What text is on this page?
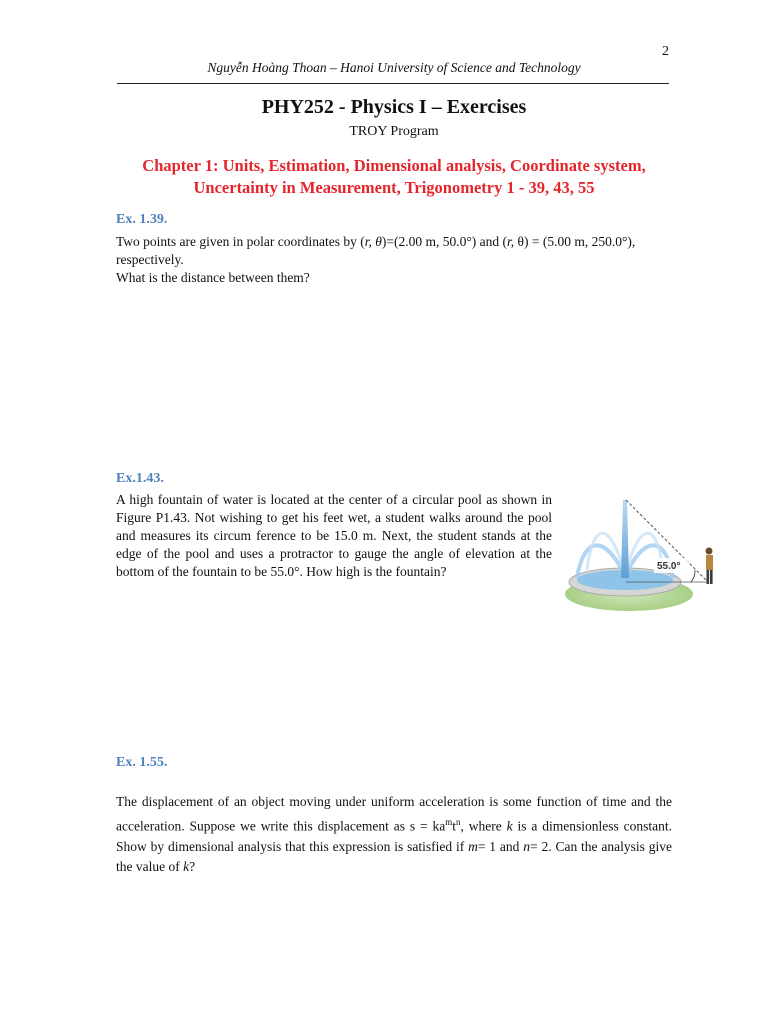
2
Nguyễn Hoàng Thoan – Hanoi University of Science and Technology
PHY252 - Physics I – Exercises
TROY Program
Chapter 1: Units, Estimation, Dimensional analysis, Coordinate system,
Uncertainty in Measurement, Trigonometry 1 - 39, 43, 55
Ex. 1.39.
Two points are given in polar coordinates by (r, θ)=(2.00 m, 50.0°) and (r, θ) = (5.00 m, 250.0°), respectively.
What is the distance between them?
Ex.1.43.
A high fountain of water is located at the center of a circular pool as shown in Figure P1.43. Not wishing to get his feet wet, a student walks around the pool and measures its circum ference to be 15.0 m. Next, the student stands at the edge of the pool and uses a protractor to gauge the angle of elevation at the bottom of the fountain to be 55.0°. How high is the fountain?	55.0°
Ex. 1.55.
The displacement of an object moving under uniform acceleration is some function of time and the acceleration. Suppose we write this displacement as $s = ka^mt^n$, where k is a dimensionless constant. Show by dimensional analysis that this expression is satisfied if m= 1 and n= 2. Can the analysis give the value of k?
